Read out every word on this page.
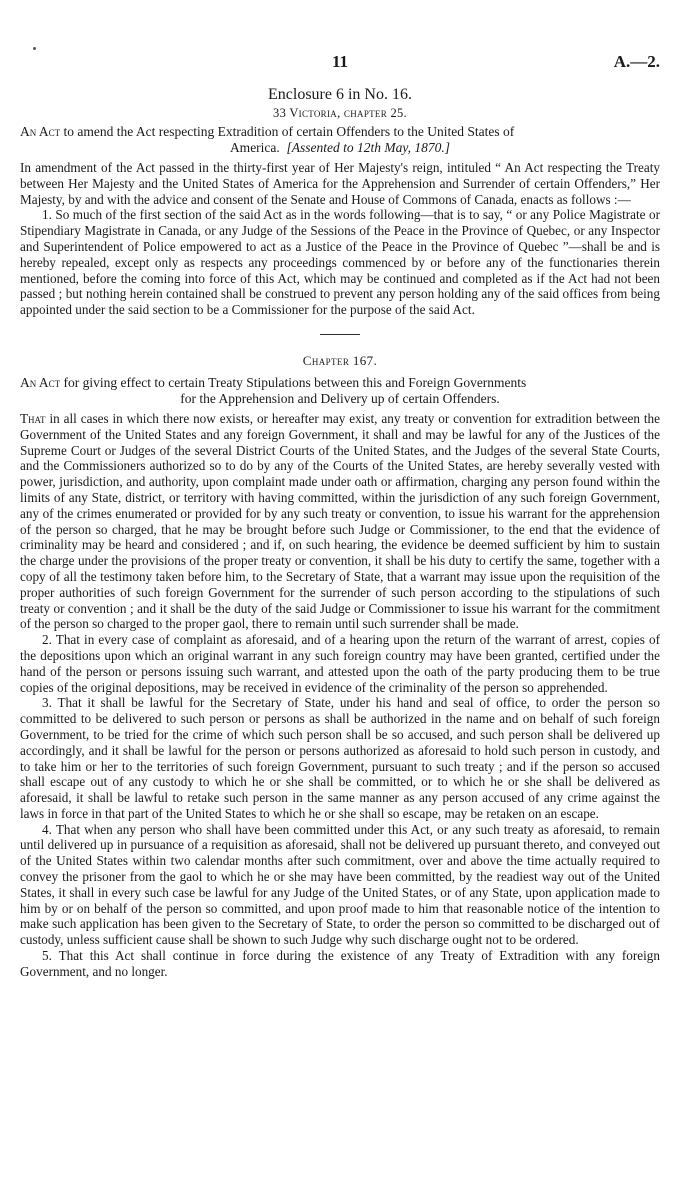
11	A.—2.
Enclosure 6 in No. 16.
33 Victoria, chapter 25.
An Act to amend the Act respecting Extradition of certain Offenders to the United States of
America. [Assented to 12th May, 1870.]

In amendment of the Act passed in the thirty-first year of Her Majesty's reign, intituled “ An Act respecting the Treaty between Her Majesty and the United States of America for the Apprehension and Surrender of certain Offenders,” Her Majesty, by and with the advice and consent of the Senate and House of Commons of Canada, enacts as follows :—

1. So much of the first section of the said Act as in the words following—that is to say, “ or any Police Magistrate or Stipendiary Magistrate in Canada, or any Judge of the Sessions of the Peace in the Province of Quebec, or any Inspector and Superintendent of Police empowered to act as a Justice of the Peace in the Province of Quebec ”—shall be and is hereby repealed, except only as respects any proceedings commenced by or before any of the functionaries therein mentioned, before the coming into force of this Act, which may be continued and completed as if the Act had not been passed ; but nothing herein contained shall be construed to prevent any person holding any of the said offices from being appointed under the said section to be a Commissioner for the purpose of the said Act.

Chapter 167.
An Act for giving effect to certain Treaty Stipulations between this and Foreign Governments
for the Apprehension and Delivery up of certain Offenders.

That in all cases in which there now exists, or hereafter may exist, any treaty or convention for extradition between the Government of the United States and any foreign Government, it shall and may be lawful for any of the Justices of the Supreme Court or Judges of the several District Courts of the United States, and the Judges of the several State Courts, and the Commissioners authorized so to do by any of the Courts of the United States, are hereby severally vested with power, jurisdiction, and authority, upon complaint made under oath or affirmation, charging any person found within the limits of any State, district, or territory with having committed, within the jurisdiction of any such foreign Government, any of the crimes enumerated or provided for by any such treaty or convention, to issue his warrant for the apprehension of the person so charged, that he may be brought before such Judge or Commissioner, to the end that the evidence of criminality may be heard and considered ; and if, on such hearing, the evidence be deemed sufficient by him to sustain the charge under the provisions of the proper treaty or convention, it shall be his duty to certify the same, together with a copy of all the testimony taken before him, to the Secretary of State, that a warrant may issue upon the requisition of the proper authorities of such foreign Government for the surrender of such person according to the stipulations of such treaty or convention ; and it shall be the duty of the said Judge or Commissioner to issue his warrant for the commitment of the person so charged to the proper gaol, there to remain until such surrender shall be made.

2. That in every case of complaint as aforesaid, and of a hearing upon the return of the warrant of arrest, copies of the depositions upon which an original warrant in any such foreign country may have been granted, certified under the hand of the person or persons issuing such warrant, and attested upon the oath of the party producing them to be true copies of the original depositions, may be received in evidence of the criminality of the person so apprehended.

3. That it shall be lawful for the Secretary of State, under his hand and seal of office, to order the person so committed to be delivered to such person or persons as shall be authorized in the name and on behalf of such foreign Government, to be tried for the crime of which such person shall be so accused, and such person shall be delivered up accordingly, and it shall be lawful for the person or persons authorized as aforesaid to hold such person in custody, and to take him or her to the territories of such foreign Government, pursuant to such treaty ; and if the person so accused shall escape out of any custody to which he or she shall be committed, or to which he or she shall be delivered as aforesaid, it shall be lawful to retake such person in the same manner as any person accused of any crime against the laws in force in that part of the United States to which he or she shall so escape, may be retaken on an escape.

4. That when any person who shall have been committed under this Act, or any such treaty as aforesaid, to remain until delivered up in pursuance of a requisition as aforesaid, shall not be delivered up pursuant thereto, and conveyed out of the United States within two calendar months after such commitment, over and above the time actually required to convey the prisoner from the gaol to which he or she may have been committed, by the readiest way out of the United States, it shall in every such case be lawful for any Judge of the United States, or of any State, upon application made to him by or on behalf of the person so committed, and upon proof made to him that reasonable notice of the intention to make such application has been given to the Secretary of State, to order the person so committed to be discharged out of custody, unless sufficient cause shall be shown to such Judge why such discharge ought not to be ordered.

5. That this Act shall continue in force during the existence of any Treaty of Extradition with any foreign Government, and no longer.
